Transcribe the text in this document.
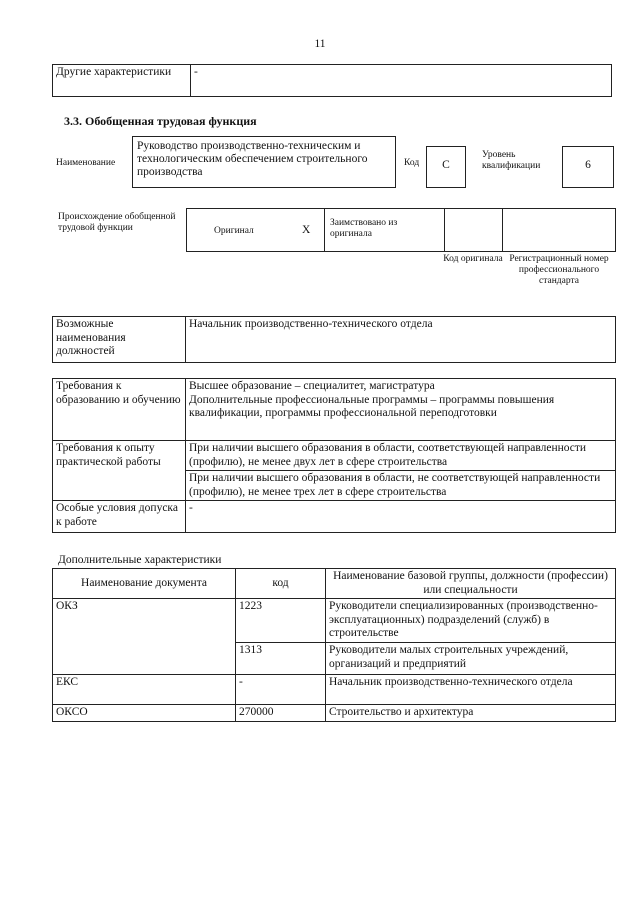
11
Другие характеристики	-
3.3. Обобщенная трудовая функция
Наименование
Руководство производственно-техническим и технологическим обеспечением строительного производства
Код	C
Уровень квалификации	6
Происхождение обобщенной трудовой функции	Оригинал	X
Заимствовано из оригинала
Код оригинала Регистрационный номер профессионального стандарта
Возможные наименования должностей	Начальник производственно-технического отдела
Требования к образованию и обучению	Высшее образование – специалитет, магистратура
Дополнительные профессиональные программы – программы повышения квалификации, программы профессиональной переподготовки
Требования к опыту практической работы	При наличии высшего образования в области, соответствующей направленности (профилю), не менее двух лет в сфере строительства
	При наличии высшего образования в области, не соответствующей направленности (профилю), не менее трех лет в сфере строительства
Особые условия допуска к работе	-
Дополнительные характеристики
Наименование документа	код	Наименование базовой группы, должности (профессии) или специальности
ОКЗ	1223	Руководители специализированных (производственно-эксплуатационных) подразделений (служб) в строительстве
	1313	Руководители малых строительных учреждений, организаций и предприятий
ЕКС	-	Начальник производственно-технического отдела
ОКСО	270000	Строительство и архитектура
